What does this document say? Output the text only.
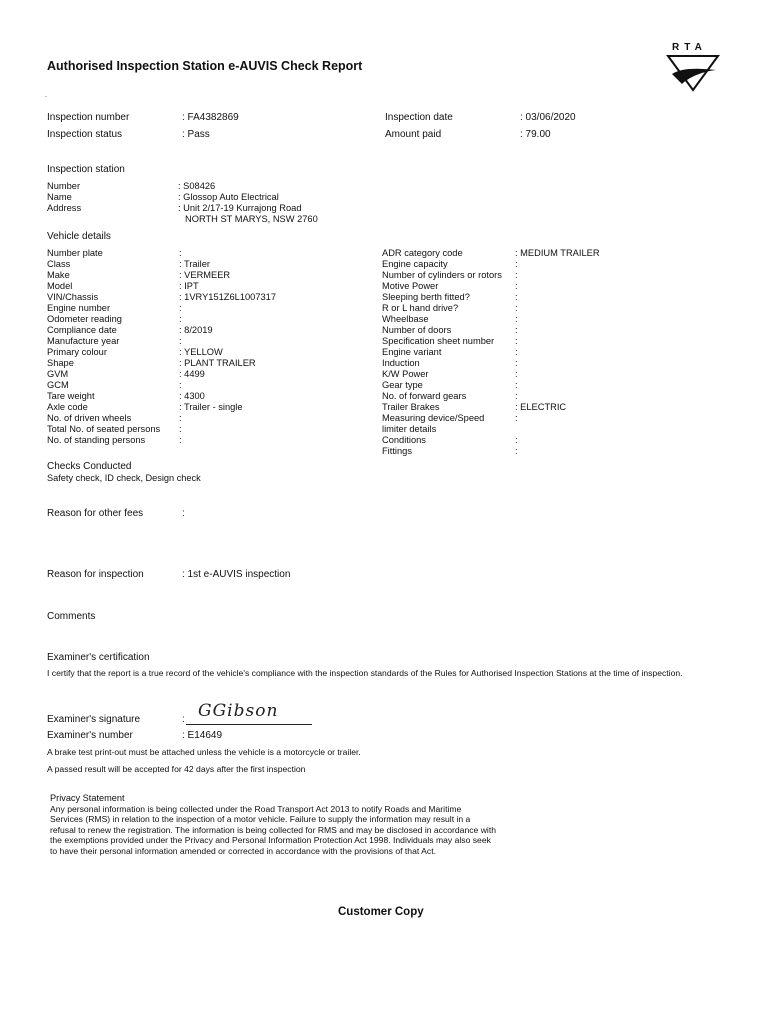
Authorised Inspection Station e-AUVIS Check Report
.
RTA
Inspection number	: FA4382869	Inspection date	: 03/06/2020
Inspection status	: Pass	Amount paid	: 79.00
Inspection station
Number	: S08426
Name	: Glossop Auto Electrical
Address	: Unit 2/17-19 Kurrajong Road
NORTH ST MARYS, NSW 2760
Vehicle details
Number plate	:
Class	: Trailer
Make	: VERMEER
Model	: IPT
VIN/Chassis	: 1VRY151Z6L1007317
Engine number	:
Odometer reading	:
Compliance date	: 8/2019
Manufacture year	:
Primary colour	: YELLOW
Shape	: PLANT TRAILER
GVM	: 4499
GCM	:
Tare weight	: 4300
Axle code	: Trailer - single
No. of driven wheels	:
Total No. of seated persons :
No. of standing persons	:
ADR category code	: MEDIUM TRAILER
Engine capacity	:
Number of cylinders or rotors :
Motive Power	:
Sleeping berth fitted?	:
R or L hand drive?	:
Wheelbase	:
Number of doors	:
Specification sheet number :
Engine variant	:
Induction	:
K/W Power	:
Gear type	:
No. of forward gears	:
Trailer Brakes	: ELECTRIC
Measuring device/Speed	:
limiter details
Conditions	:
Fittings	:
Checks Conducted
Safety check, ID check, Design check
Reason for other fees	:
Reason for inspection	: 1st e-AUVIS inspection
Comments
Examiner's certification
I certify that the report is a true record of the vehicle's compliance with the inspection standards of the Rules for Authorised Inspection Stations at the time of inspection.
Examiner's signature	: GGibson
Examiner's number	: E14649
A brake test print-out must be attached unless the vehicle is a motorcycle or trailer.
A passed result will be accepted for 42 days after the first inspection
Privacy Statement
Any personal information is being collected under the Road Transport Act 2013 to notify Roads and Maritime
Services (RMS) in relation to the inspection of a motor vehicle. Failure to supply the information may result in a
refusal to renew the registration. The information is being collected for RMS and may be disclosed in accordance with
the exemptions provided under the Privacy and Personal Information Protection Act 1998. Individuals may also seek
to have their personal information amended or corrected in accordance with the provisions of that Act.
Customer Copy
